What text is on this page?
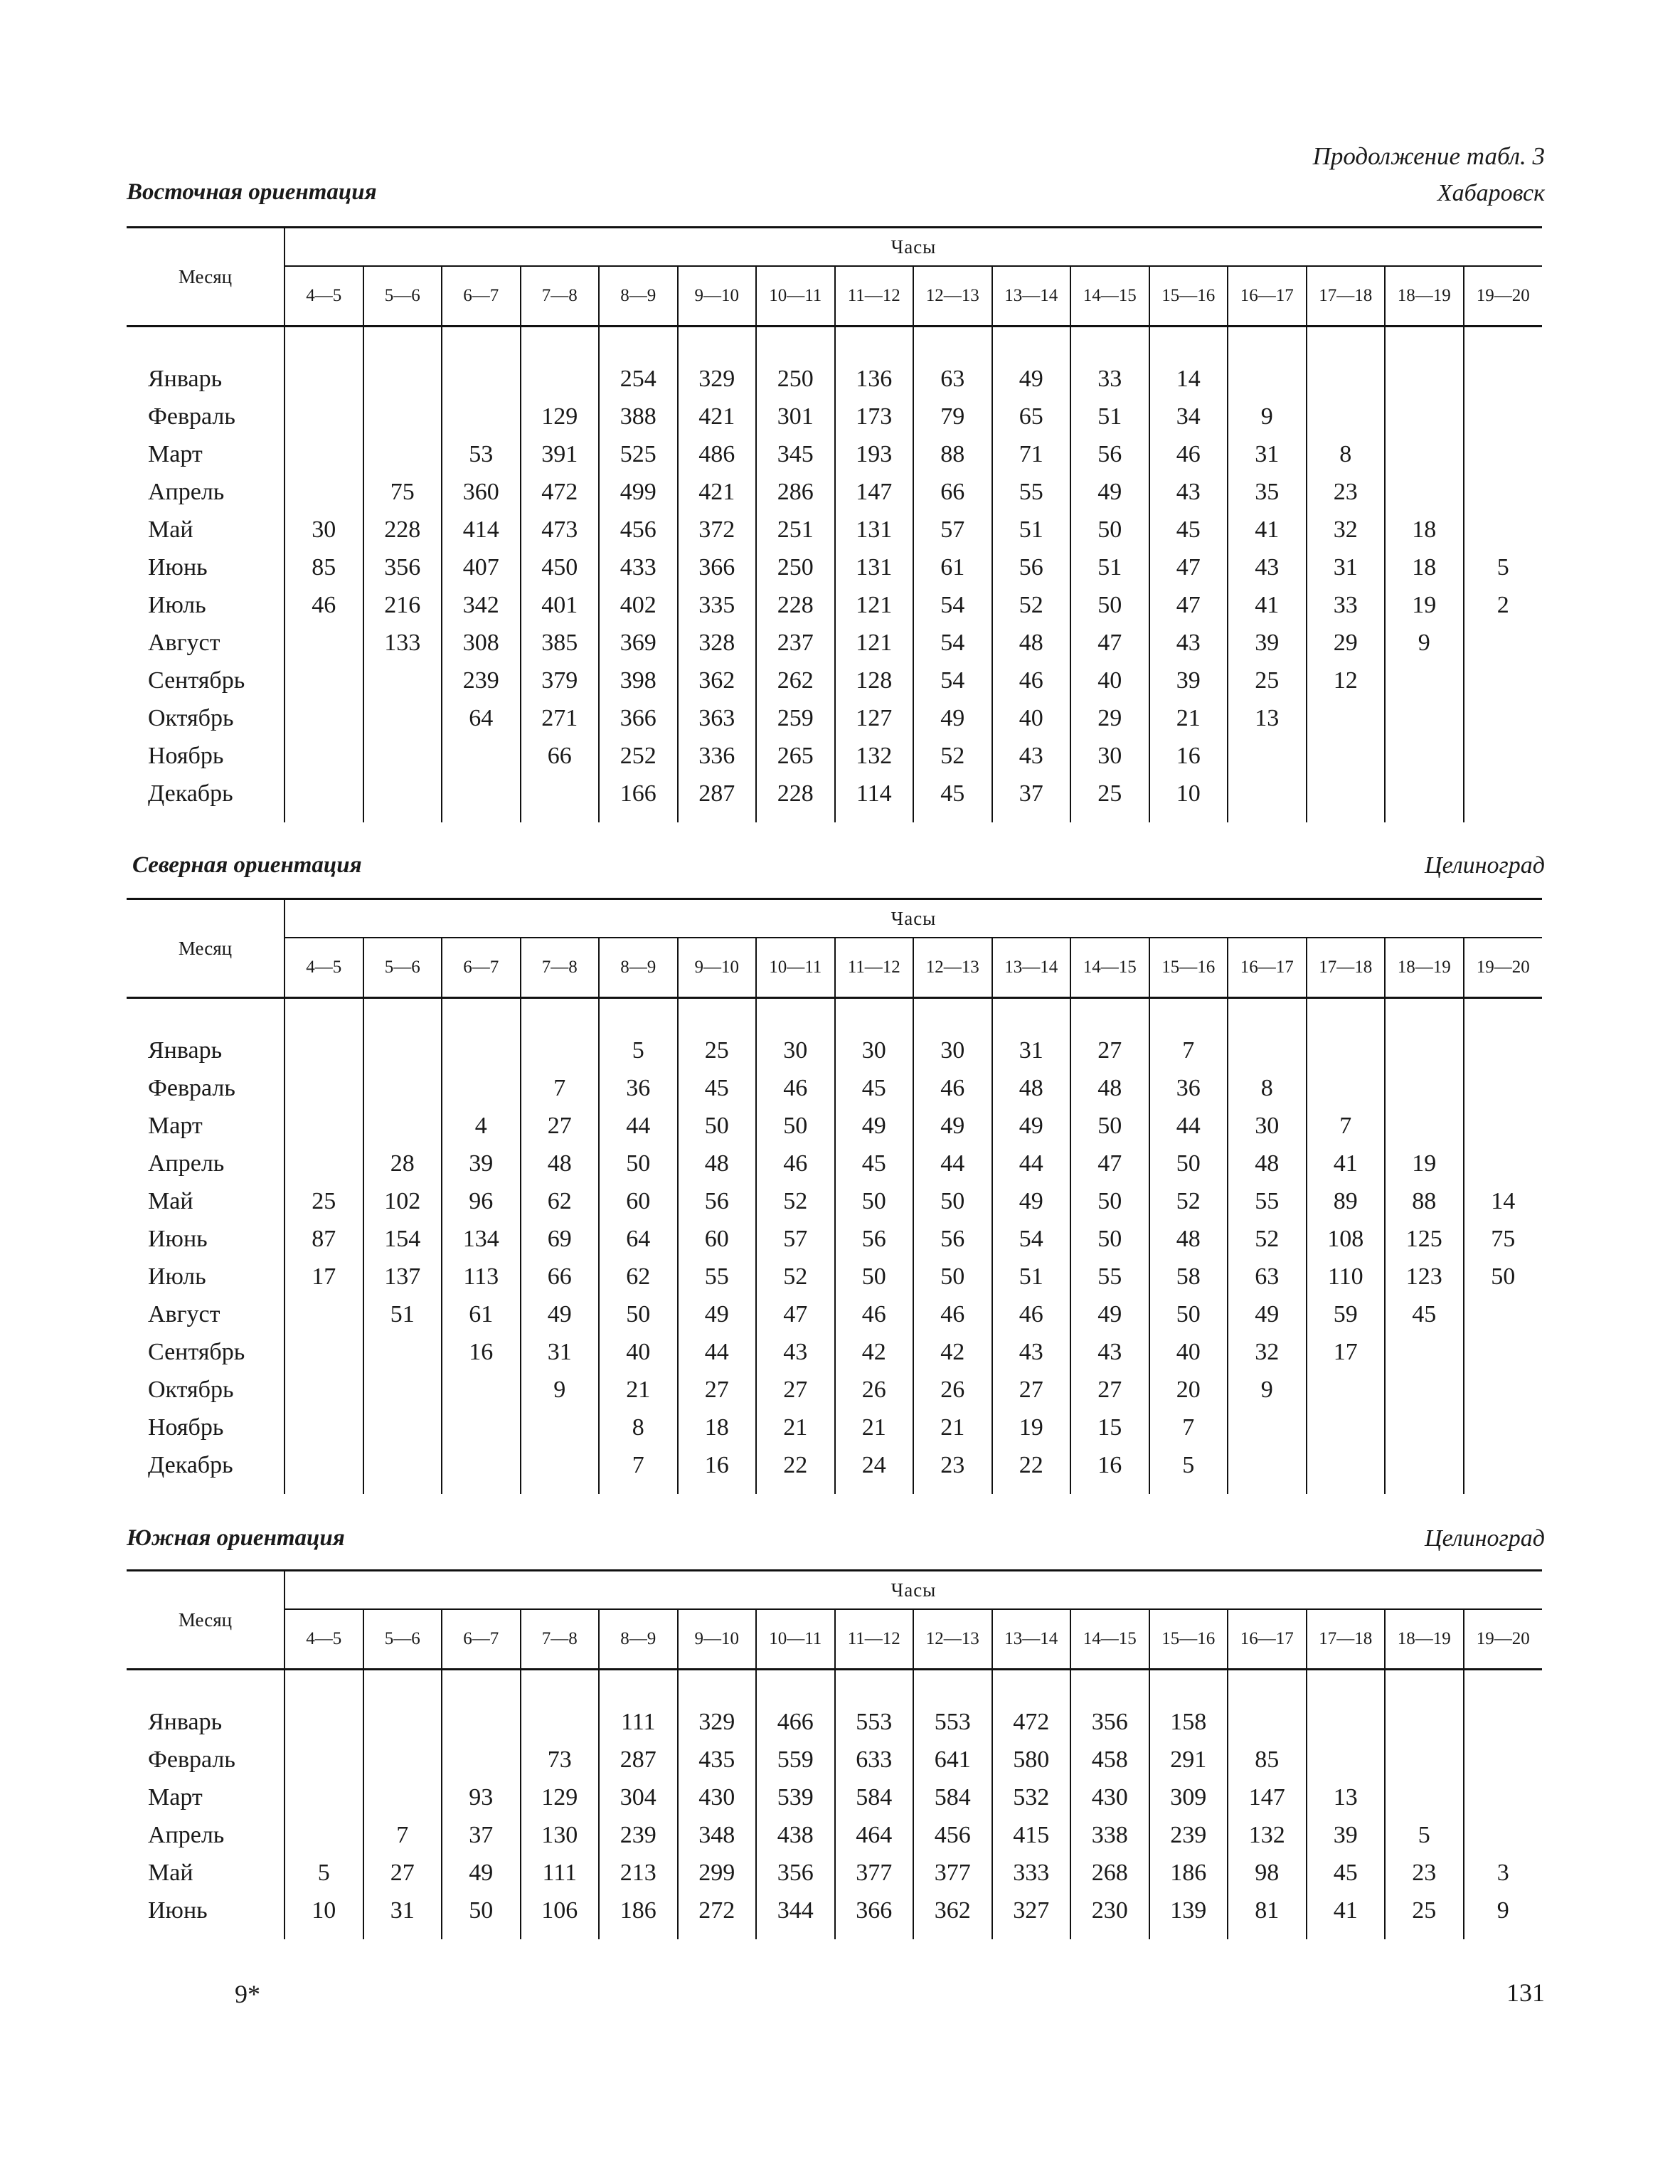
Продолжение табл. 3
Восточная ориентация	Хабаровск
Месяц	Часы															
	4—5	5—6	6—7	7—8	8—9	9—10	10—11	11—12	12—13	13—14	14—15	15—16	16—17	17—18	18—19	19—20

Январь					254	329	250	136	63	49	33	14				
Февраль				129	388	421	301	173	79	65	51	34	9			
Март			53	391	525	486	345	193	88	71	56	46	31	8		
Апрель		75	360	472	499	421	286	147	66	55	49	43	35	23		
Май	30	228	414	473	456	372	251	131	57	51	50	45	41	32	18	
Июнь	85	356	407	450	433	366	250	131	61	56	51	47	43	31	18	5
Июль	46	216	342	401	402	335	228	121	54	52	50	47	41	33	19	2
Август		133	308	385	369	328	237	121	54	48	47	43	39	29	9	
Сентябрь			239	379	398	362	262	128	54	46	40	39	25	12		
Октябрь			64	271	366	363	259	127	49	40	29	21	13			
Ноябрь				66	252	336	265	132	52	43	30	16				
Декабрь					166	287	228	114	45	37	25	10				

Северная ориентация	Целиноград
Месяц	Часы															
	4—5	5—6	6—7	7—8	8—9	9—10	10—11	11—12	12—13	13—14	14—15	15—16	16—17	17—18	18—19	19—20

Январь					5	25	30	30	30	31	27	7				
Февраль				7	36	45	46	45	46	48	48	36	8			
Март			4	27	44	50	50	49	49	49	50	44	30	7		
Апрель		28	39	48	50	48	46	45	44	44	47	50	48	41	19	
Май	25	102	96	62	60	56	52	50	50	49	50	52	55	89	88	14
Июнь	87	154	134	69	64	60	57	56	56	54	50	48	52	108	125	75
Июль	17	137	113	66	62	55	52	50	50	51	55	58	63	110	123	50
Август		51	61	49	50	49	47	46	46	46	49	50	49	59	45	
Сентябрь			16	31	40	44	43	42	42	43	43	40	32	17		
Октябрь				9	21	27	27	26	26	27	27	20	9			
Ноябрь					8	18	21	21	21	19	15	7				
Декабрь					7	16	22	24	23	22	16	5				

Южная ориентация	Целиноград
Месяц	Часы															
	4—5	5—6	6—7	7—8	8—9	9—10	10—11	11—12	12—13	13—14	14—15	15—16	16—17	17—18	18—19	19—20

Январь					111	329	466	553	553	472	356	158				
Февраль				73	287	435	559	633	641	580	458	291	85			
Март			93	129	304	430	539	584	584	532	430	309	147	13		
Апрель		7	37	130	239	348	438	464	456	415	338	239	132	39	5	
Май	5	27	49	111	213	299	356	377	377	333	268	186	98	45	23	3
Июнь	10	31	50	106	186	272	344	366	362	327	230	139	81	41	25	9

9*	131
